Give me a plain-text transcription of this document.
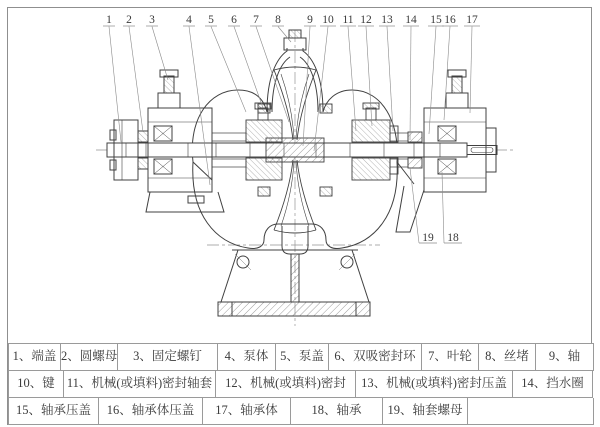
1 2 3	4 5 6 7 8 9 10 11 12 13 14 15 16 17
19 18
1、端盖 2、圆螺母	3、固定螺钉	4、泵体 5、泵盖 6、双吸密封环 7、叶轮	8、丝堵	9、轴
10、键 11、机械(或填料)密封轴套	12、机械(或填料)密封	13、机械(或填料)密封压盖	14、挡水圈
15、轴承压盖	16、轴承体压盖	17、轴承体	18、轴承	19、轴套螺母
